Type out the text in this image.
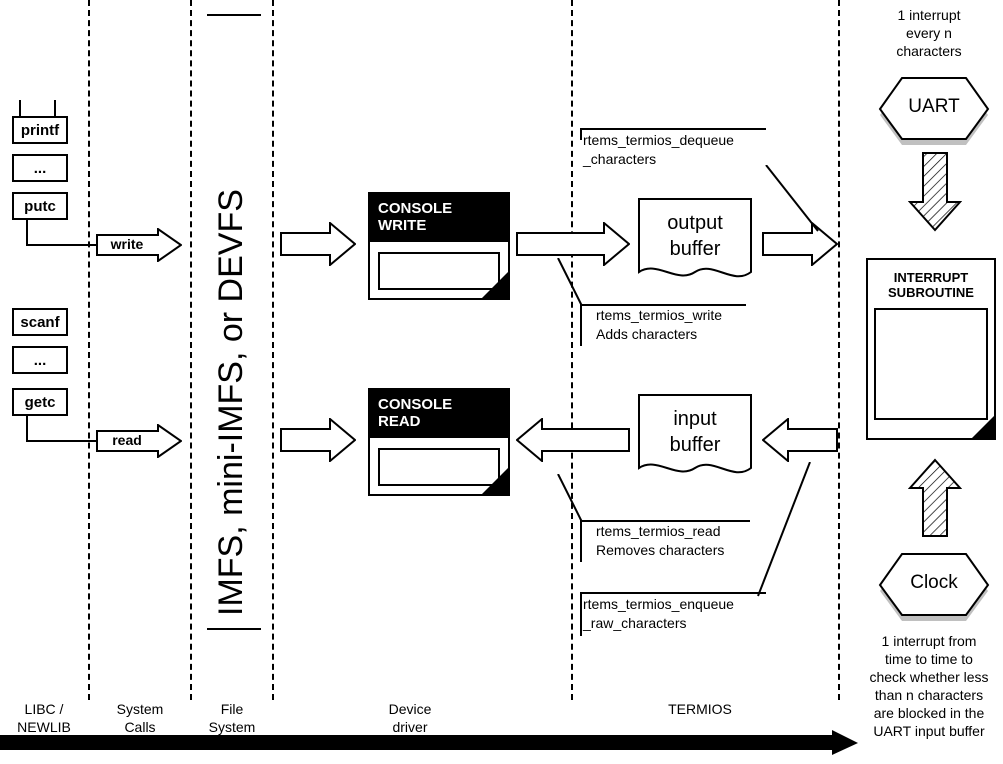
printf
...
putc
scanf
...
getc
write
read	IMFS, mini-IMFS, or DEVFS	CONSOLE
WRITE
CONSOLE
READ
output
buffer
input
buffer
rtems_termios_dequeue
_characters
rtems_termios_write
Adds characters
rtems_termios_read
Removes characters
rtems_termios_enqueue
_raw_characters
1 interrupt
every n
characters
UART
INTERRUPT
SUBROUTINE
Clock
1 interrupt from
time to time to
check whether less
than n characters
are blocked in the
UART input buffer
LIBC /
NEWLIB
System
Calls
File
System
Device
driver
TERMIOS
